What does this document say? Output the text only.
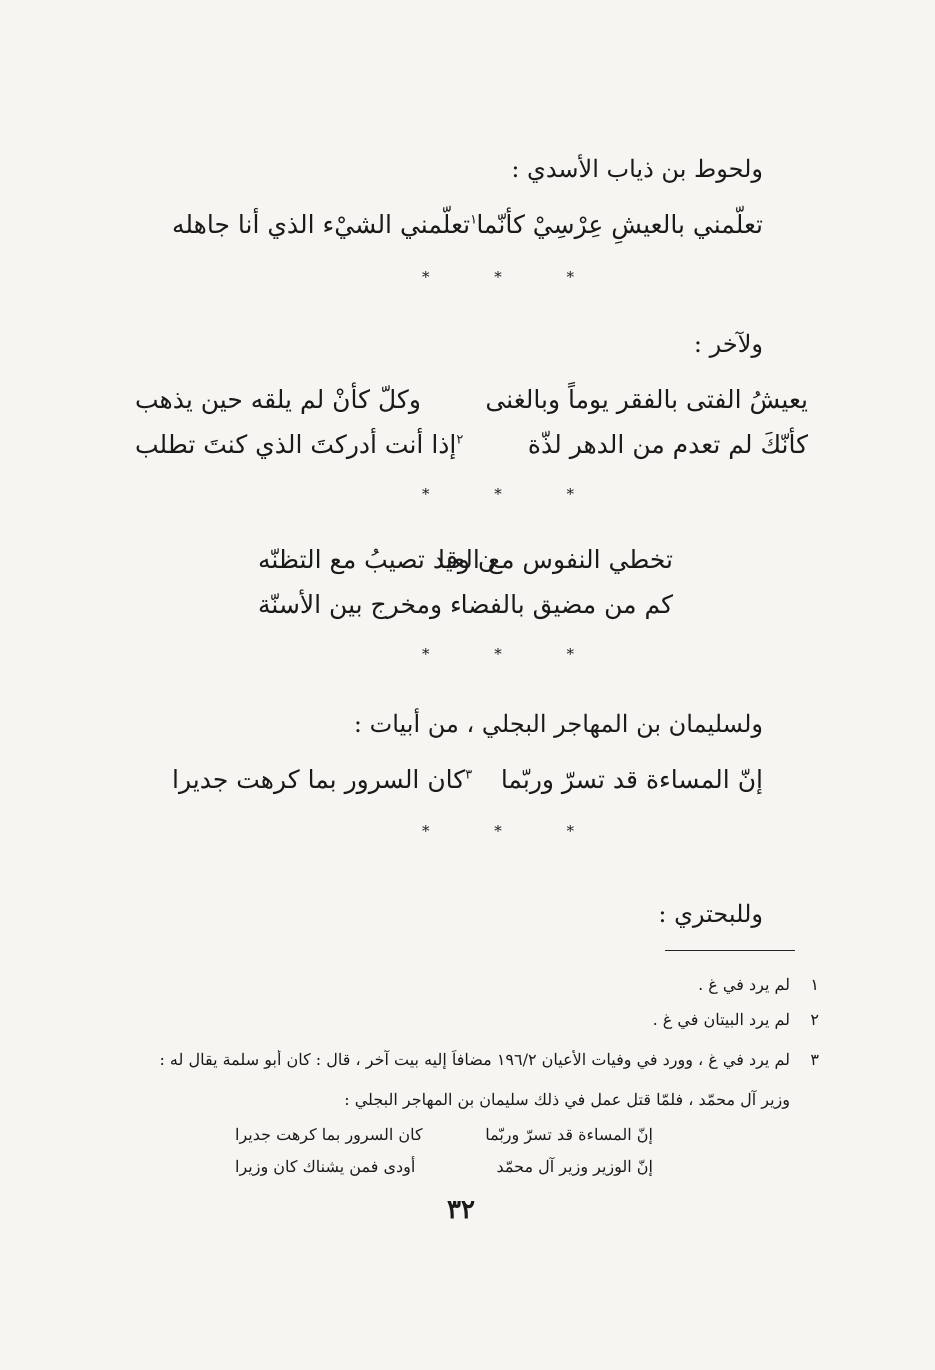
ولحوط بن ذياب الأسدي :
تعلّمني بالعيشِ عِرْسِيْ كأنّما
$^١$تعلّمني الشيْء الذي أنا جاهله
* * *
ولآخر :
يعيشُ الفتى بالفقر يوماً وبالغنى
وكلّ كأنْ لم يلقه حين يذهب
كأنّكَ لم تعدم من الدهر لذّة
$^٢$إذا أنت أدركتَ الذي كنتَ تطلب
* * *
تخطي النفوس مع العيا
ن وقد تصيبُ مع التظنّه
كم من مضيق بالفضا
ء ومخرج بين الأسنّة
* * *
ولسليمان بن المهاجر البجلي ، من أبيات :
إنّ المساءة قد تسرّ وربّما
$^٣$كان السرور بما كرهت جديرا
* * *
وللبحتري :
١
لم يرد في غ .
٢
لم يرد البيتان في غ .
٣
لم يرد في غ ، وورد في وفيات الأعيان ١٩٦/٢ مضافاً إليه بيت آخر ، قال : كان أبو سلمة يقال له :
وزير آل محمّد ، فلمّا قتل عمل في ذلك سليمان بن المهاجر البجلي :
إنّ المساءة قد تسرّ وربّما
كان السرور بما كرهت جديرا
إنّ الوزير وزير آل محمّد
أودى فمن يشناك كان وزيرا
٣٢
